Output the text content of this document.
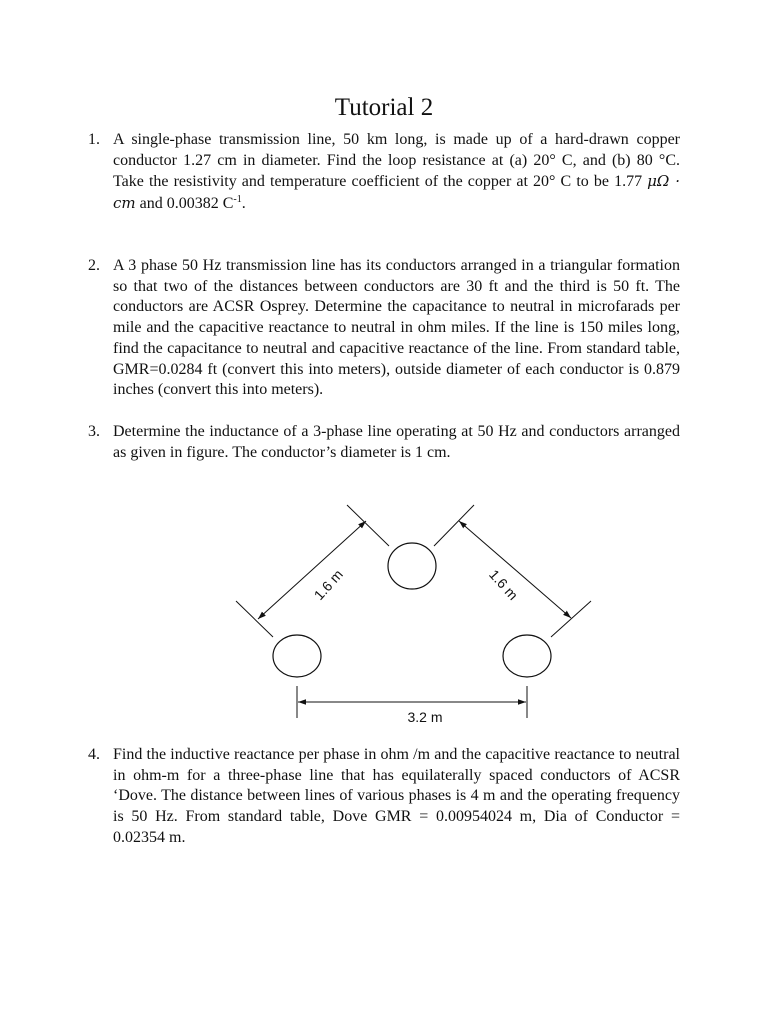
Tutorial 2
1. A single-phase transmission line, 50 km long, is made up of a hard-drawn copper conductor 1.27 cm in diameter. Find the loop resistance at (a) 20° C, and (b) 80 °C. Take the resistivity and temperature coefficient of the copper at 20° C to be 1.77 μΩ · cm and 0.00382 $C^{-1}$.
2. A 3 phase 50 Hz transmission line has its conductors arranged in a triangular formation so that two of the distances between conductors are 30 ft and the third is 50 ft. The conductors are ACSR Osprey. Determine the capacitance to neutral in microfarads per mile and the capacitive reactance to neutral in ohm miles. If the line is 150 miles long, find the capacitance to neutral and capacitive reactance of the line. From standard table, GMR=0.0284 ft (convert this into meters), outside diameter of each conductor is 0.879 inches (convert this into meters).
3. Determine the inductance of a 3-phase line operating at 50 Hz and conductors arranged as given in figure. The conductor’s diameter is 1 cm.
1.6 m	1.6 m
3.2 m
4. Find the inductive reactance per phase in ohm /m and the capacitive reactance to neutral in ohm-m for a three-phase line that has equilaterally spaced conductors of ACSR ‘Dove. The distance between lines of various phases is 4 m and the operating frequency is 50 Hz. From standard table, Dove GMR = 0.00954024 m, Dia of Conductor = 0.02354 m.
